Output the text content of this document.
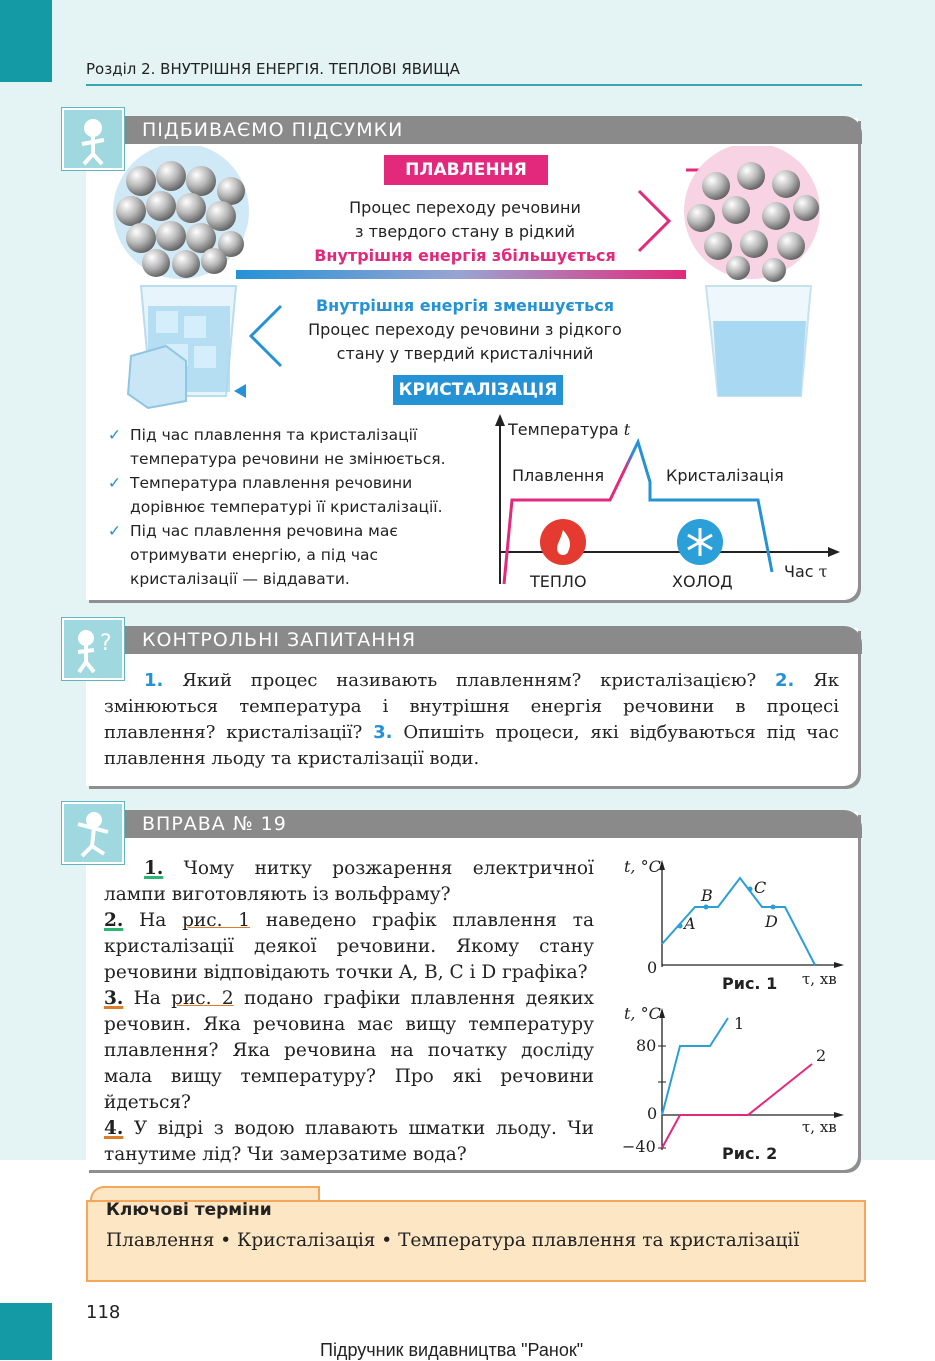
Розділ 2. ВНУТРІШНЯ ЕНЕРГІЯ. ТЕПЛОВІ ЯВИЩА
ПІДБИВАЄМО ПІДСУМКИ
ПЛАВЛЕННЯ
Процес переходу речовини
з твердого стану в рідкий
Внутрішня енергія збільшується
Внутрішня енергія зменшується
Процес переходу речовини з рідкого
стану у твердий кристалічний
КРИСТАЛІЗАЦІЯ
✓ Під час плавлення та кристалізації температура речовини не змінюється.
✓ Температура плавлення речовини дорівнює температурі її кристалізації.
✓ Під час плавлення речовина має отримувати енергію, а під час кристалізації — віддавати.
Температура t
Плавлення	Кристалізація
ТЕПЛО	ХОЛОД
Час τ
КОНТРОЛЬНІ ЗАПИТАННЯ
?
1. Який процес називають плавленням? кристалізацією? 2. Як змінюються температура і внутрішня енергія речовини в процесі плавлення? кристалізації? 3. Опишіть процеси, які відбуваються під час плавлення льоду та кристалізації води.
ВПРАВА № 19
1. Чому нитку розжарення електричної лампи виготовляють із вольфраму?
2. На рис. 1 наведено графік плавлення та кристалізації деякої речовини. Якому стану речовини відповідають точки A, B, C і D графіка?
3. На рис. 2 подано графіки плавлення деяких речовин. Яка речовина має вищу температуру плавлення? Яка речовина на початку досліду мала вищу температуру? Про які речовини йдеться?
4. У відрі з водою плавають шматки льоду. Чи танутиме лід? Чи замерзатиме вода?
t, °C
0
A
B	C
D
τ, хв
Рис. 1
t, °C
80
0
−40
1
2
τ, хв
Рис. 2
Ключові терміни
Плавлення • Кристалізація • Температура плавлення та кристалізації
118
Підручник видавництва "Ранок"
